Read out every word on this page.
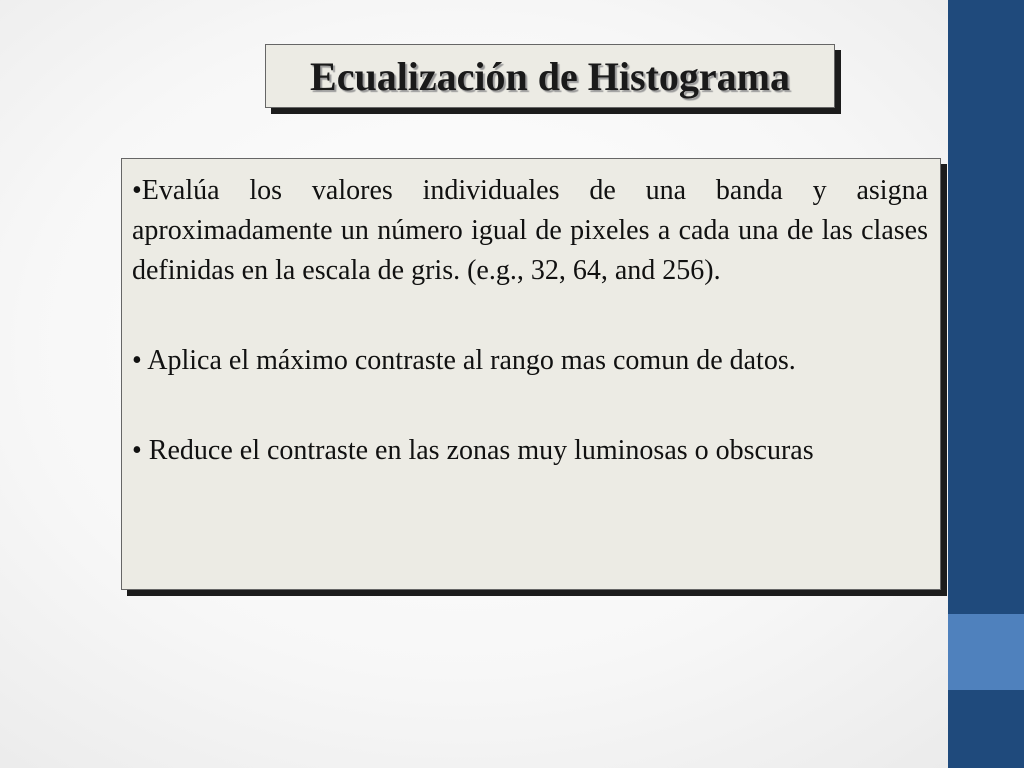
Ecualización de Histograma

•Evalúa los valores individuales de una banda y asigna aproximadamente un número igual de pixeles a cada una de las clases definidas en la escala de gris. (e.g., 32, 64, and 256).

• Aplica el máximo contraste al rango mas comun de datos.

• Reduce el contraste en las zonas muy luminosas o obscuras
